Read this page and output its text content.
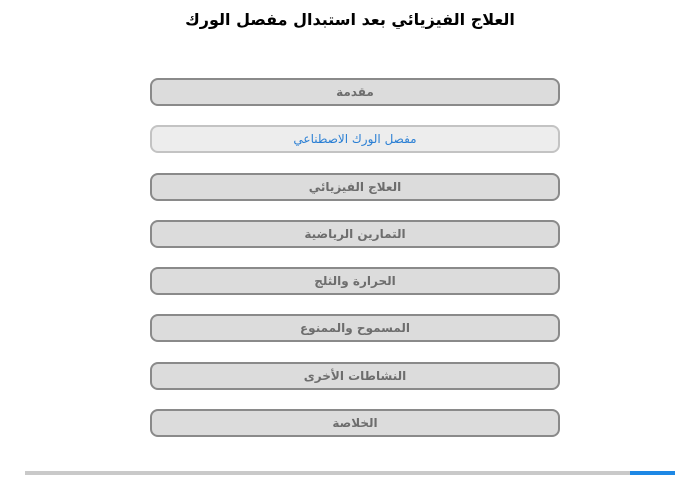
العلاج الفيزيائي بعد استبدال مفصل الورك
مقدمة
مفصل الورك الاصطناعي
العلاج الفيزيائي
التمارين الرياضية
الحرارة والثلج
المسموح والممنوع
النشاطات الأخرى
الخلاصة
